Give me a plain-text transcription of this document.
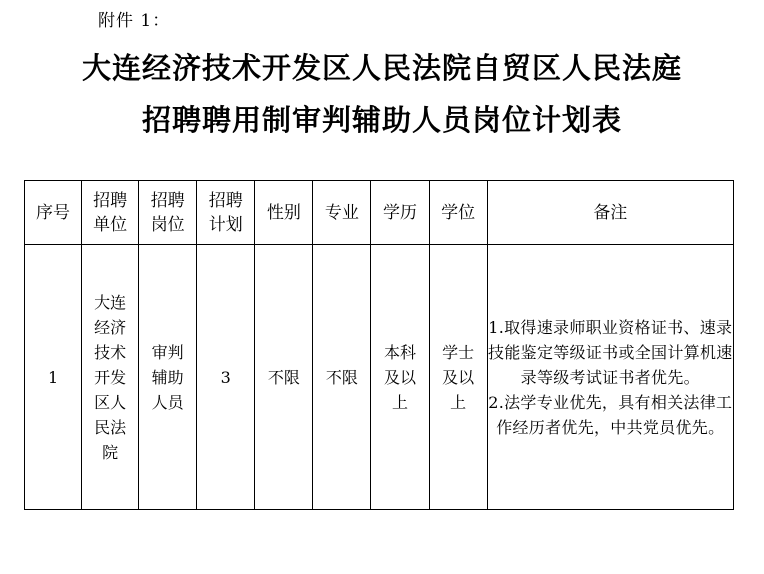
附件 1：
大连经济技术开发区人民法院自贸区人民法庭
招聘聘用制审判辅助人员岗位计划表
序号	招聘单位	招聘岗位	招聘计划	性别	专业	学历	学位	备注
1	大连经济技术开发区人民法院	审判辅助人员	3	不限	不限	本科及以上	学士及以上	1.取得速录师职业资格证书、速录技能鉴定等级证书或全国计算机速录等级考试证书者优先。
2.法学专业优先，具有相关法律工作经历者优先，中共党员优先。
